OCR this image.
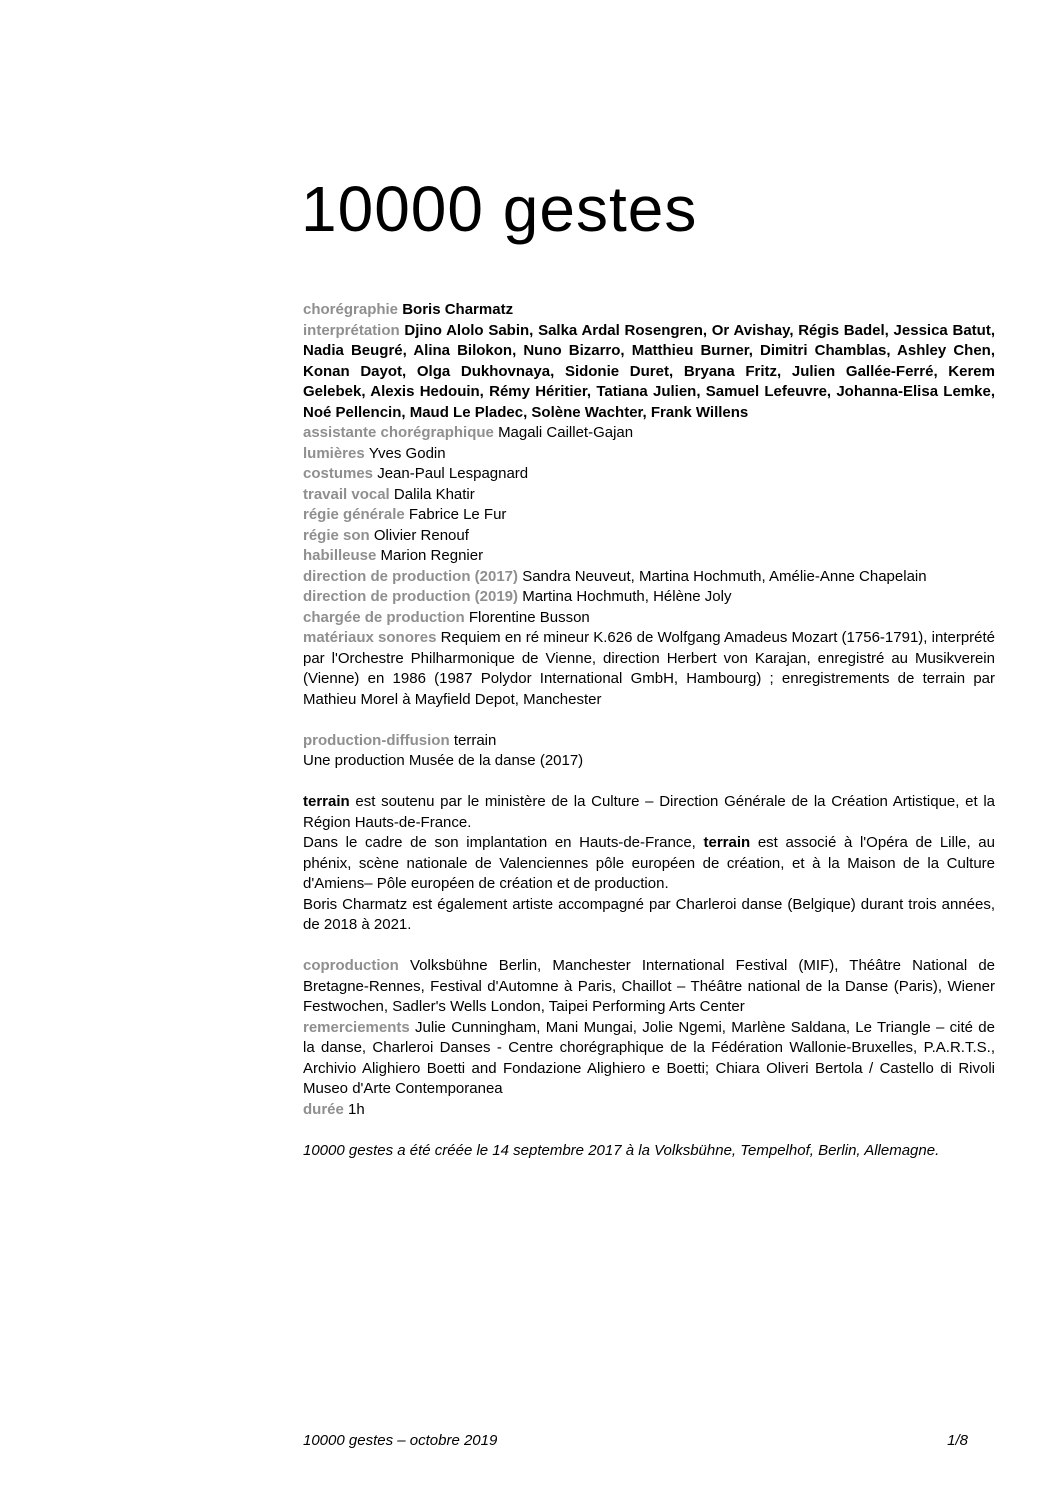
10000 gestes

chorégraphie Boris Charmatz

interprétation Djino Alolo Sabin, Salka Ardal Rosengren, Or Avishay, Régis Badel, Jessica Batut, Nadia Beugré, Alina Bilokon, Nuno Bizarro, Matthieu Burner, Dimitri Chamblas, Ashley Chen, Konan Dayot, Olga Dukhovnaya, Sidonie Duret, Bryana Fritz, Julien Gallée-Ferré, Kerem Gelebek, Alexis Hedouin, Rémy Héritier, Tatiana Julien, Samuel Lefeuvre, Johanna-Elisa Lemke, Noé Pellencin, Maud Le Pladec, Solène Wachter, Frank Willens

assistante chorégraphique Magali Caillet-Gajan

lumières Yves Godin

costumes Jean-Paul Lespagnard

travail vocal Dalila Khatir

régie générale Fabrice Le Fur

régie son Olivier Renouf

habilleuse Marion Regnier

direction de production (2017) Sandra Neuveut, Martina Hochmuth, Amélie-Anne Chapelain

direction de production (2019) Martina Hochmuth, Hélène Joly

chargée de production Florentine Busson

matériaux sonores Requiem en ré mineur K.626 de Wolfgang Amadeus Mozart (1756-1791), interprété par l'Orchestre Philharmonique de Vienne, direction Herbert von Karajan, enregistré au Musikverein (Vienne) en 1986 (1987 Polydor International GmbH, Hambourg) ; enregistrements de terrain par Mathieu Morel à Mayfield Depot, Manchester

production-diffusion terrain

Une production Musée de la danse (2017)

terrain est soutenu par le ministère de la Culture – Direction Générale de la Création Artistique, et la Région Hauts-de-France.

Dans le cadre de son implantation en Hauts-de-France, terrain est associé à l'Opéra de Lille, au phénix, scène nationale de Valenciennes pôle européen de création, et à la Maison de la Culture d'Amiens– Pôle européen de création et de production.

Boris Charmatz est également artiste accompagné par Charleroi danse (Belgique) durant trois années, de 2018 à 2021.

coproduction Volksbühne Berlin, Manchester International Festival (MIF), Théâtre National de Bretagne-Rennes, Festival d'Automne à Paris, Chaillot – Théâtre national de la Danse (Paris), Wiener Festwochen, Sadler's Wells London, Taipei Performing Arts Center

remerciements Julie Cunningham, Mani Mungai, Jolie Ngemi, Marlène Saldana, Le Triangle – cité de la danse, Charleroi Danses - Centre chorégraphique de la Fédération Wallonie-Bruxelles, P.A.R.T.S., Archivio Alighiero Boetti and Fondazione Alighiero e Boetti; Chiara Oliveri Bertola / Castello di Rivoli Museo d'Arte Contemporanea

durée 1h

10000 gestes a été créée le 14 septembre 2017 à la Volksbühne, Tempelhof, Berlin, Allemagne.

10000 gestes – octobre 2019	1/8
